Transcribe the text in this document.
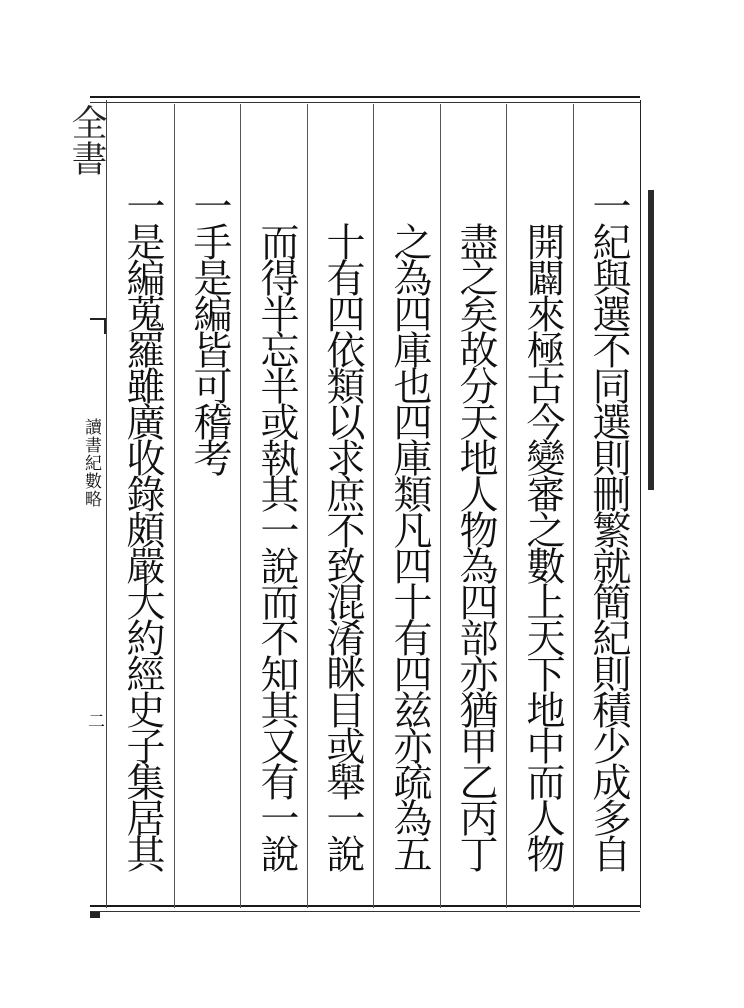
一紀與選不同選則刪繁就簡紀則積少成多自
開闢來極古今變審之數上天下地中而人物
盡之矣故分天地人物為四部亦猶甲乙丙丁
之為四庫也四庫類凡四十有四兹亦疏為五
十有四依類以求庶不致混淆眯目或舉一說
而得半忘半或執其一說而不知其又有一說
一手是編皆可稽考
一是編蒐羅雖廣收錄頗嚴大約經史子集居其
全書
讀書紀數略
二
